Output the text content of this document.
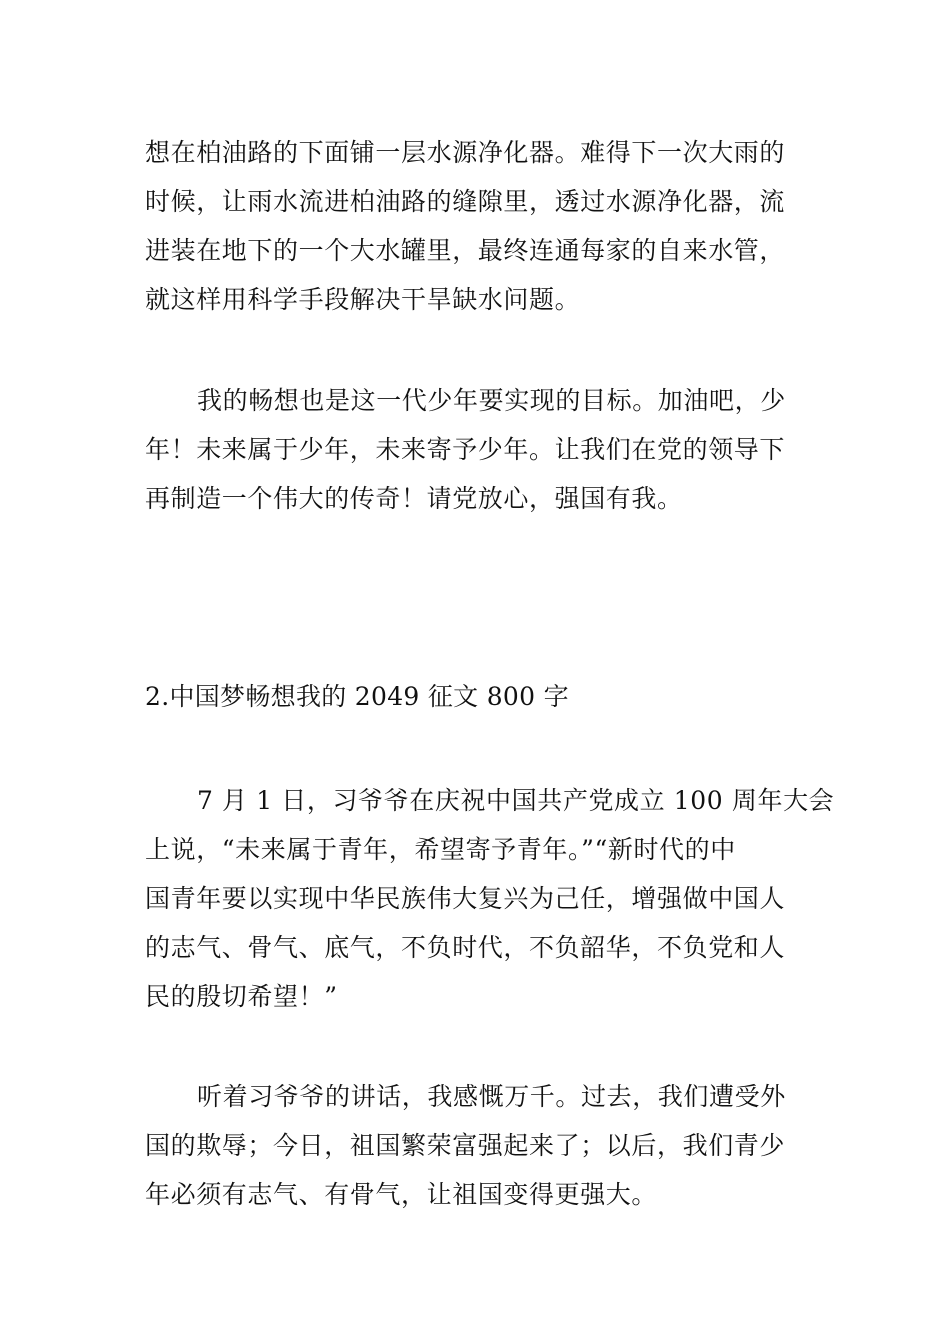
想在柏油路的下面铺一层水源净化器。难得下一次大雨的
时候，让雨水流进柏油路的缝隙里，透过水源净化器，流
进装在地下的一个大水罐里，最终连通每家的自来水管，
就这样用科学手段解决干旱缺水问题。

我的畅想也是这一代少年要实现的目标。加油吧，少
年！未来属于少年，未来寄予少年。让我们在党的领导下
再制造一个伟大的传奇！请党放心，强国有我。

2.中国梦畅想我的 2049 征文 800 字

7 月 1 日，习爷爷在庆祝中国共产党成立 100 周年大会
上说，“未来属于青年，希望寄予青年。”“新时代的中
国青年要以实现中华民族伟大复兴为己任，增强做中国人
的志气、骨气、底气，不负时代，不负韶华，不负党和人
民的殷切希望！”

听着习爷爷的讲话，我感慨万千。过去，我们遭受外
国的欺辱；今日，祖国繁荣富强起来了；以后，我们青少
年必须有志气、有骨气，让祖国变得更强大。
